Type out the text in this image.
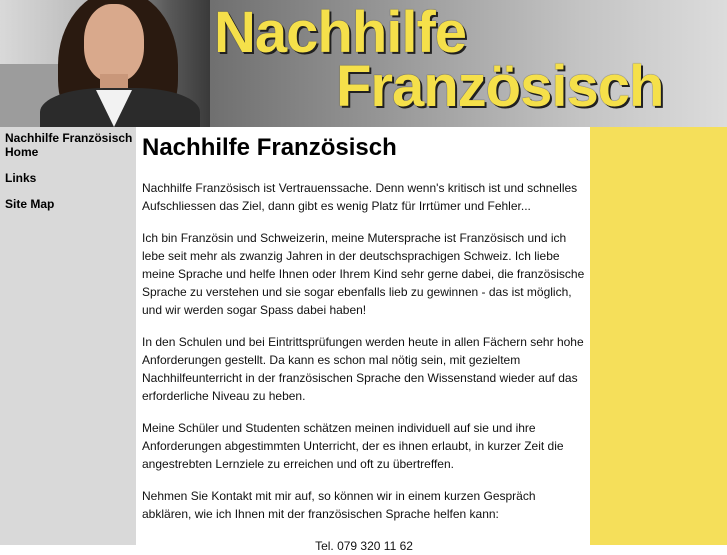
Nachhilfe
Französisch
Nachhilfe Französisch
Home
Links
Site Map
Nachhilfe Französisch

Nachhilfe Französisch ist Vertrauenssache. Denn wenn's kritisch ist und schnelles Aufschliessen das Ziel, dann gibt es wenig Platz für Irrtümer und Fehler...

Ich bin Französin und Schweizerin, meine Mutersprache ist Französisch und ich lebe seit mehr als zwanzig Jahren in der deutschsprachigen Schweiz. Ich liebe meine Sprache und helfe Ihnen oder Ihrem Kind sehr gerne dabei, die französische Sprache zu verstehen und sie sogar ebenfalls lieb zu gewinnen - das ist möglich, und wir werden sogar Spass dabei haben!

In den Schulen und bei Eintrittsprüfungen werden heute in allen Fächern sehr hohe Anforderungen gestellt. Da kann es schon mal nötig sein, mit gezieltem Nachhilfeunterricht in der französischen Sprache den Wissenstand wieder auf das erforderliche Niveau zu heben.

Meine Schüler und Studenten schätzen meinen individuell auf sie und ihre Anforderungen abgestimmten Unterricht, der es ihnen erlaubt, in kurzer Zeit die angestrebten Lernziele zu erreichen und oft zu übertreffen.

Nehmen Sie Kontakt mit mir auf, so können wir in einem kurzen Gespräch abklären, wie ich Ihnen mit der französischen Sprache helfen kann:

Tel. 079 320 11 62
